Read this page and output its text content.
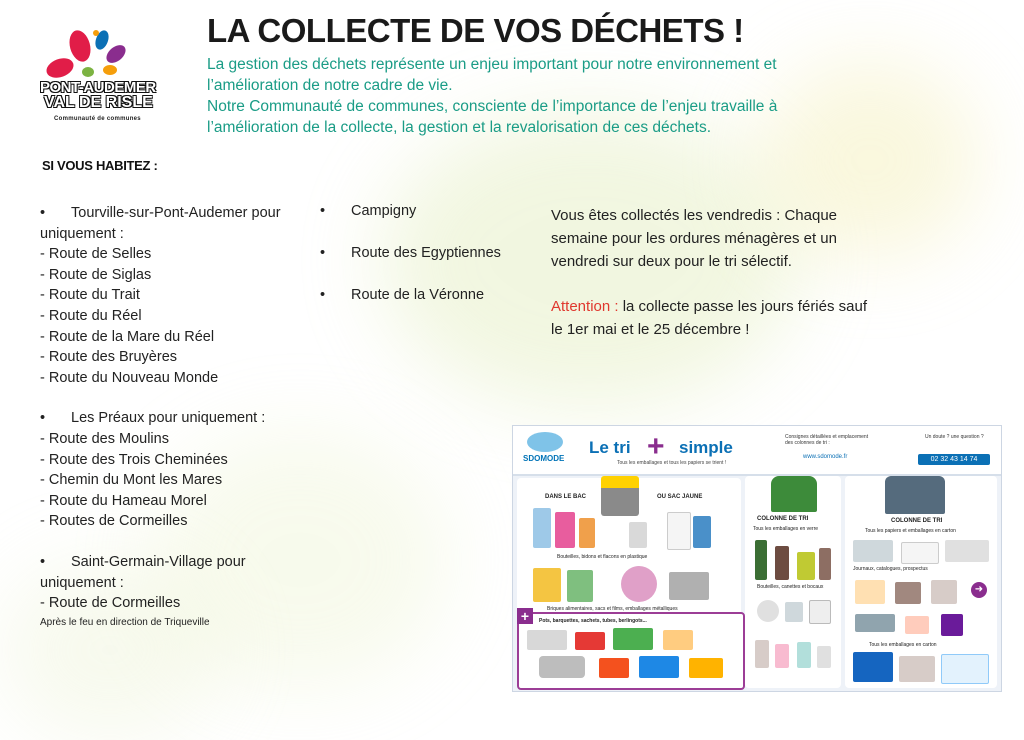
PONT-AUDEMER
VAL DE RISLE
Communauté de communes
LA COLLECTE DE VOS DÉCHETS !

La gestion des déchets représente un enjeu important pour notre environnement et l’amélioration de notre cadre de vie.

Notre Communauté de communes, consciente de l’importance de l’enjeu travaille à l’amélioration de la collecte, la gestion et la revalorisation de ces déchets.

SI VOUS HABITEZ :
• Tourville-sur-Pont-Audemer pour uniquement :
- Route de Selles
- Route de Siglas
- Route du Trait
- Route du Réel
- Route de la Mare du Réel
- Route des Bruyères
- Route du Nouveau Monde
• Les Préaux pour uniquement :
- Route des Moulins
- Route des Trois Cheminées
- Chemin du Mont les Mares
- Route du Hameau Morel
- Routes de Cormeilles
• Saint-Germain-Village pour uniquement :
- Route de Cormeilles
Après le feu en direction de Triqueville
• Campigny
• Route des Egyptiennes
• Route de la Véronne

Vous êtes collectés les vendredis : Chaque semaine pour les ordures ménagères et un vendredi sur deux pour le tri sélectif.

Attention : la collecte passe les jours fériés sauf le 1er mai et le 25 décembre !

SDOMODE
Le tri + simple
Tous les emballages et tous les papiers se trient !
Consignes détaillées et emplacement des colonnes de tri :
www.sdomode.fr
Un doute ? une question ?
02 32 43 14 74
DANS LE BAC	OU SAC JAUNE
Bouteilles, bidons et flacons en plastique
Briques alimentaires, sacs et films, emballages métalliques
+	Pots, barquettes, sachets, tubes, berlingots...
COLONNE DE TRI
Tous les emballages en verre
Bouteilles, canettes et bocaux
COLONNE DE TRI
Tous les papiers et emballages en carton
Journaux, catalogues, prospectus
Tous les emballages en carton
➜
